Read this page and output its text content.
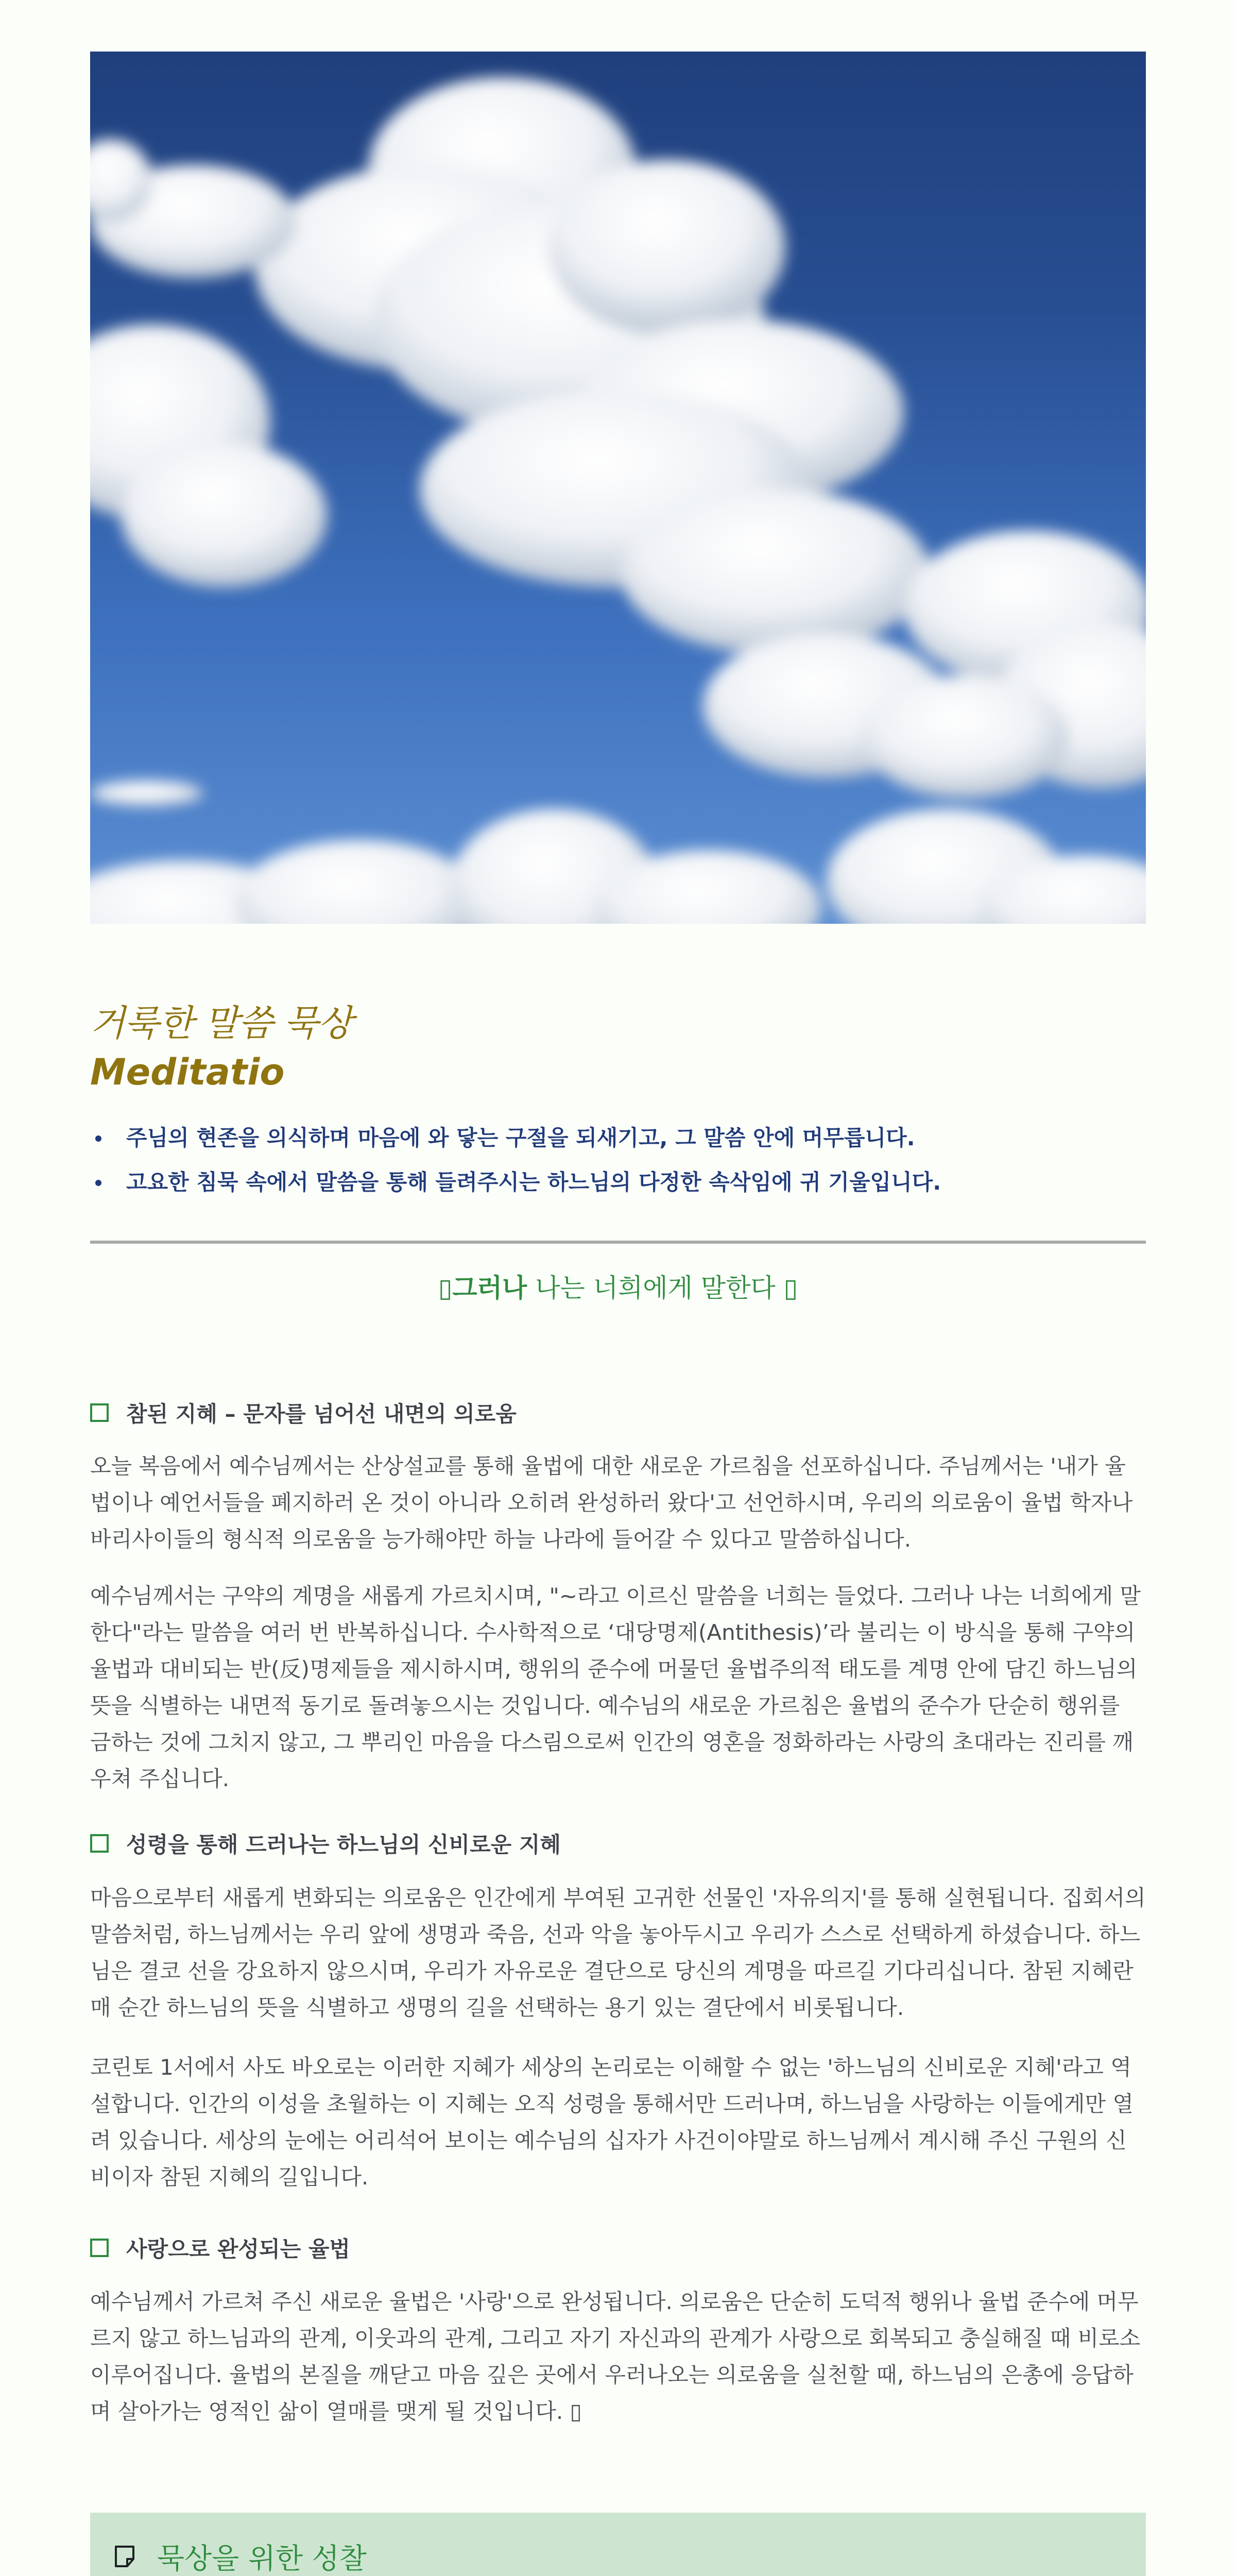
거룩한 말씀 묵상
Meditatio
주님의 현존을 의식하며 마음에 와 닿는 구절을 되새기고, 그 말씀 안에 머무릅니다.
고요한 침묵 속에서 말씀을 통해 들려주시는 하느님의 다정한 속삭임에 귀 기울입니다.
▯그러나 나는 너희에게 말한다 ▯
참된 지혜 – 문자를 넘어선 내면의 의로움

오늘 복음에서 예수님께서는 산상설교를 통해 율법에 대한 새로운 가르침을 선포하십니다. 주님께서는 '내가 율법이나 예언서들을 폐지하러 온 것이 아니라 오히려 완성하러 왔다'고 선언하시며, 우리의 의로움이 율법 학자나 바리사이들의 형식적 의로움을 능가해야만 하늘 나라에 들어갈 수 있다고 말씀하십니다.

예수님께서는 구약의 계명을 새롭게 가르치시며, "~라고 이르신 말씀을 너희는 들었다. 그러나 나는 너희에게 말한다"라는 말씀을 여러 번 반복하십니다. 수사학적으로 ‘대당명제(Antithesis)’라 불리는 이 방식을 통해 구약의 율법과 대비되는 반(反)명제들을 제시하시며, 행위의 준수에 머물던 율법주의적 태도를 계명 안에 담긴 하느님의 뜻을 식별하는 내면적 동기로 돌려놓으시는 것입니다. 예수님의 새로운 가르침은 율법의 준수가 단순히 행위를 금하는 것에 그치지 않고, 그 뿌리인 마음을 다스림으로써 인간의 영혼을 정화하라는 사랑의 초대라는 진리를 깨우쳐 주십니다.

성령을 통해 드러나는 하느님의 신비로운 지혜

마음으로부터 새롭게 변화되는 의로움은 인간에게 부여된 고귀한 선물인 '자유의지'를 통해 실현됩니다. 집회서의 말씀처럼, 하느님께서는 우리 앞에 생명과 죽음, 선과 악을 놓아두시고 우리가 스스로 선택하게 하셨습니다. 하느님은 결코 선을 강요하지 않으시며, 우리가 자유로운 결단으로 당신의 계명을 따르길 기다리십니다. 참된 지혜란 매 순간 하느님의 뜻을 식별하고 생명의 길을 선택하는 용기 있는 결단에서 비롯됩니다.

코린토 1서에서 사도 바오로는 이러한 지혜가 세상의 논리로는 이해할 수 없는 '하느님의 신비로운 지혜'라고 역설합니다. 인간의 이성을 초월하는 이 지혜는 오직 성령을 통해서만 드러나며, 하느님을 사랑하는 이들에게만 열려 있습니다. 세상의 눈에는 어리석어 보이는 예수님의 십자가 사건이야말로 하느님께서 계시해 주신 구원의 신비이자 참된 지혜의 길입니다.

사랑으로 완성되는 율법

예수님께서 가르쳐 주신 새로운 율법은 '사랑'으로 완성됩니다. 의로움은 단순히 도덕적 행위나 율법 준수에 머무르지 않고 하느님과의 관계, 이웃과의 관계, 그리고 자기 자신과의 관계가 사랑으로 회복되고 충실해질 때 비로소 이루어집니다. 율법의 본질을 깨닫고 마음 깊은 곳에서 우러나오는 의로움을 실천할 때, 하느님의 은총에 응답하며 살아가는 영적인 삶이 열매를 맺게 될 것입니다. ▯

묵상을 위한 성찰
